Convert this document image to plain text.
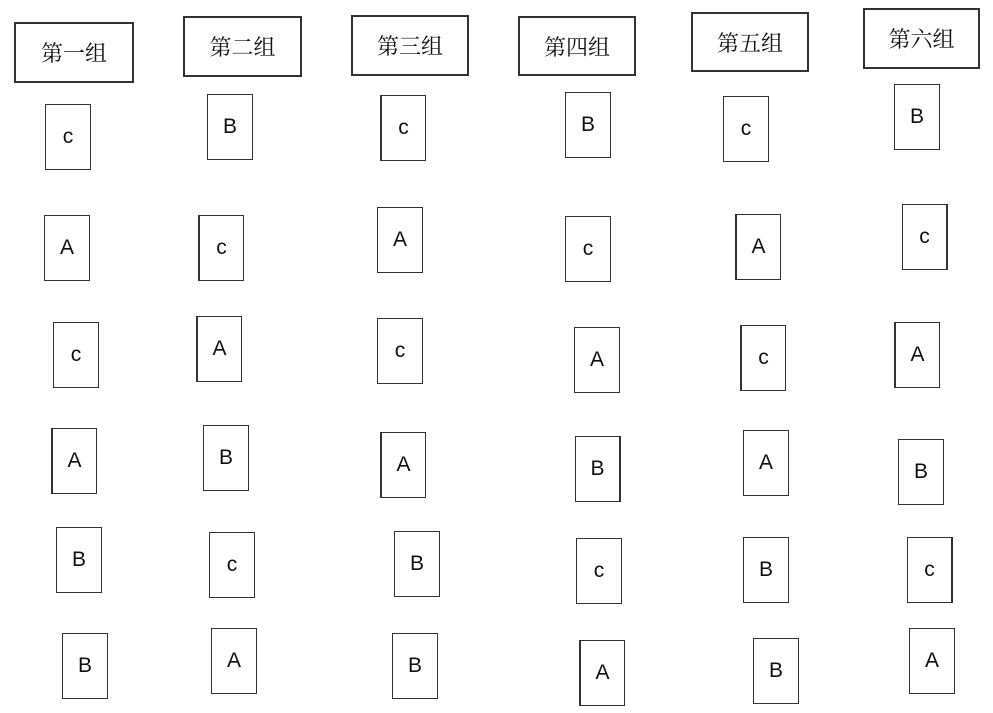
第一组
c
A
c
A
B
B
第二组
B
c
A
B
c
A
第三组
c
A
c
A
B
B
第四组
B
c
A
B
c
A
第五组
c
A
c
A
B
B
第六组
B
c
A
B
c
A
